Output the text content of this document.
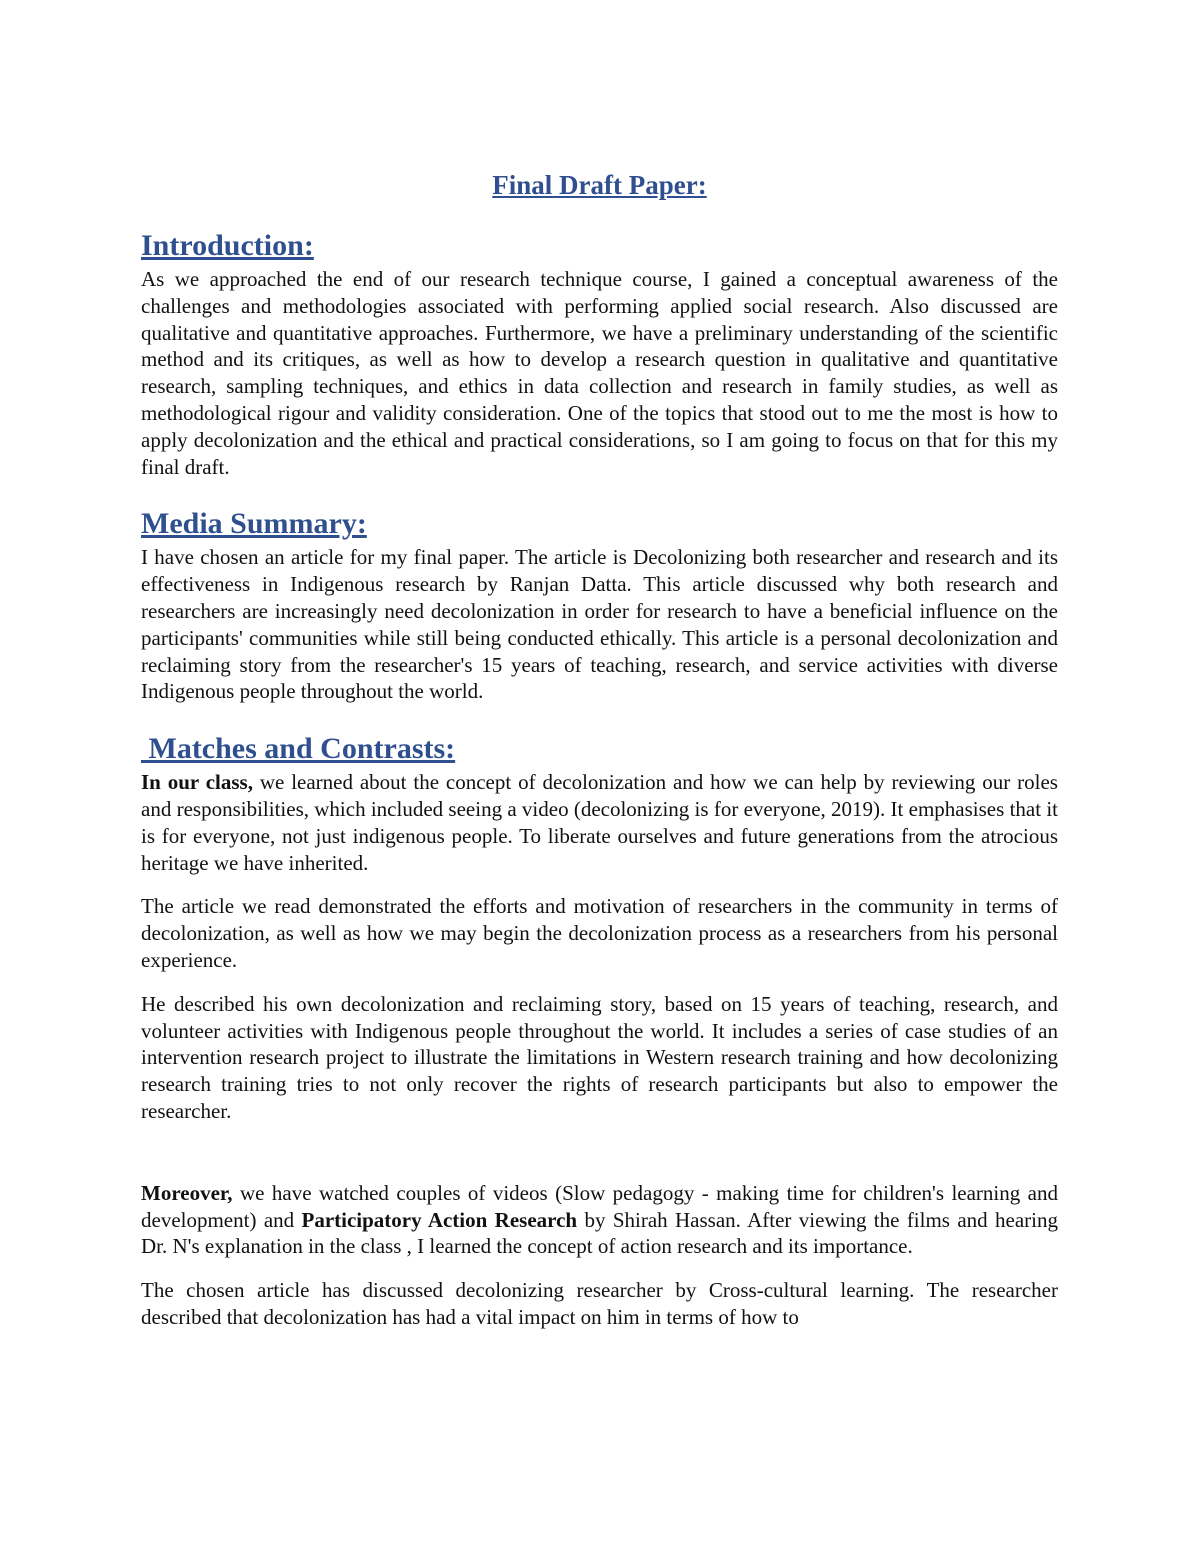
Final Draft Paper:
Introduction:

As we approached the end of our research technique course, I gained a conceptual awareness of the challenges and methodologies associated with performing applied social research. Also discussed are qualitative and quantitative approaches. Furthermore, we have a preliminary understanding of the scientific method and its critiques, as well as how to develop a research question in qualitative and quantitative research, sampling techniques, and ethics in data collection and research in family studies, as well as methodological rigour and validity consideration. One of the topics that stood out to me the most is how to apply decolonization and the ethical and practical considerations, so I am going to focus on that for this my final draft.

Media Summary:

I have chosen an article for my final paper. The article is Decolonizing both researcher and research and its effectiveness in Indigenous research by Ranjan Datta. This article discussed why both research and researchers are increasingly need decolonization in order for research to have a beneficial influence on the participants' communities while still being conducted ethically. This article is a personal decolonization and reclaiming story from the researcher's 15 years of teaching, research, and service activities with diverse Indigenous people throughout the world.

Matches and Contrasts:

In our class, we learned about the concept of decolonization and how we can help by reviewing our roles and responsibilities, which included seeing a video (decolonizing is for everyone, 2019). It emphasises that it is for everyone, not just indigenous people. To liberate ourselves and future generations from the atrocious heritage we have inherited.

The article we read demonstrated the efforts and motivation of researchers in the community in terms of decolonization, as well as how we may begin the decolonization process as a researchers from his personal experience.

He described his own decolonization and reclaiming story, based on 15 years of teaching, research, and volunteer activities with Indigenous people throughout the world. It includes a series of case studies of an intervention research project to illustrate the limitations in Western research training and how decolonizing research training tries to not only recover the rights of research participants but also to empower the researcher.

Moreover, we have watched couples of videos (Slow pedagogy - making time for children's learning and development) and Participatory Action Research by Shirah Hassan. After viewing the films and hearing Dr. N's explanation in the class , I learned the concept of action research and its importance.

The chosen article has discussed decolonizing researcher by Cross-cultural learning. The researcher described that decolonization has had a vital impact on him in terms of how to
